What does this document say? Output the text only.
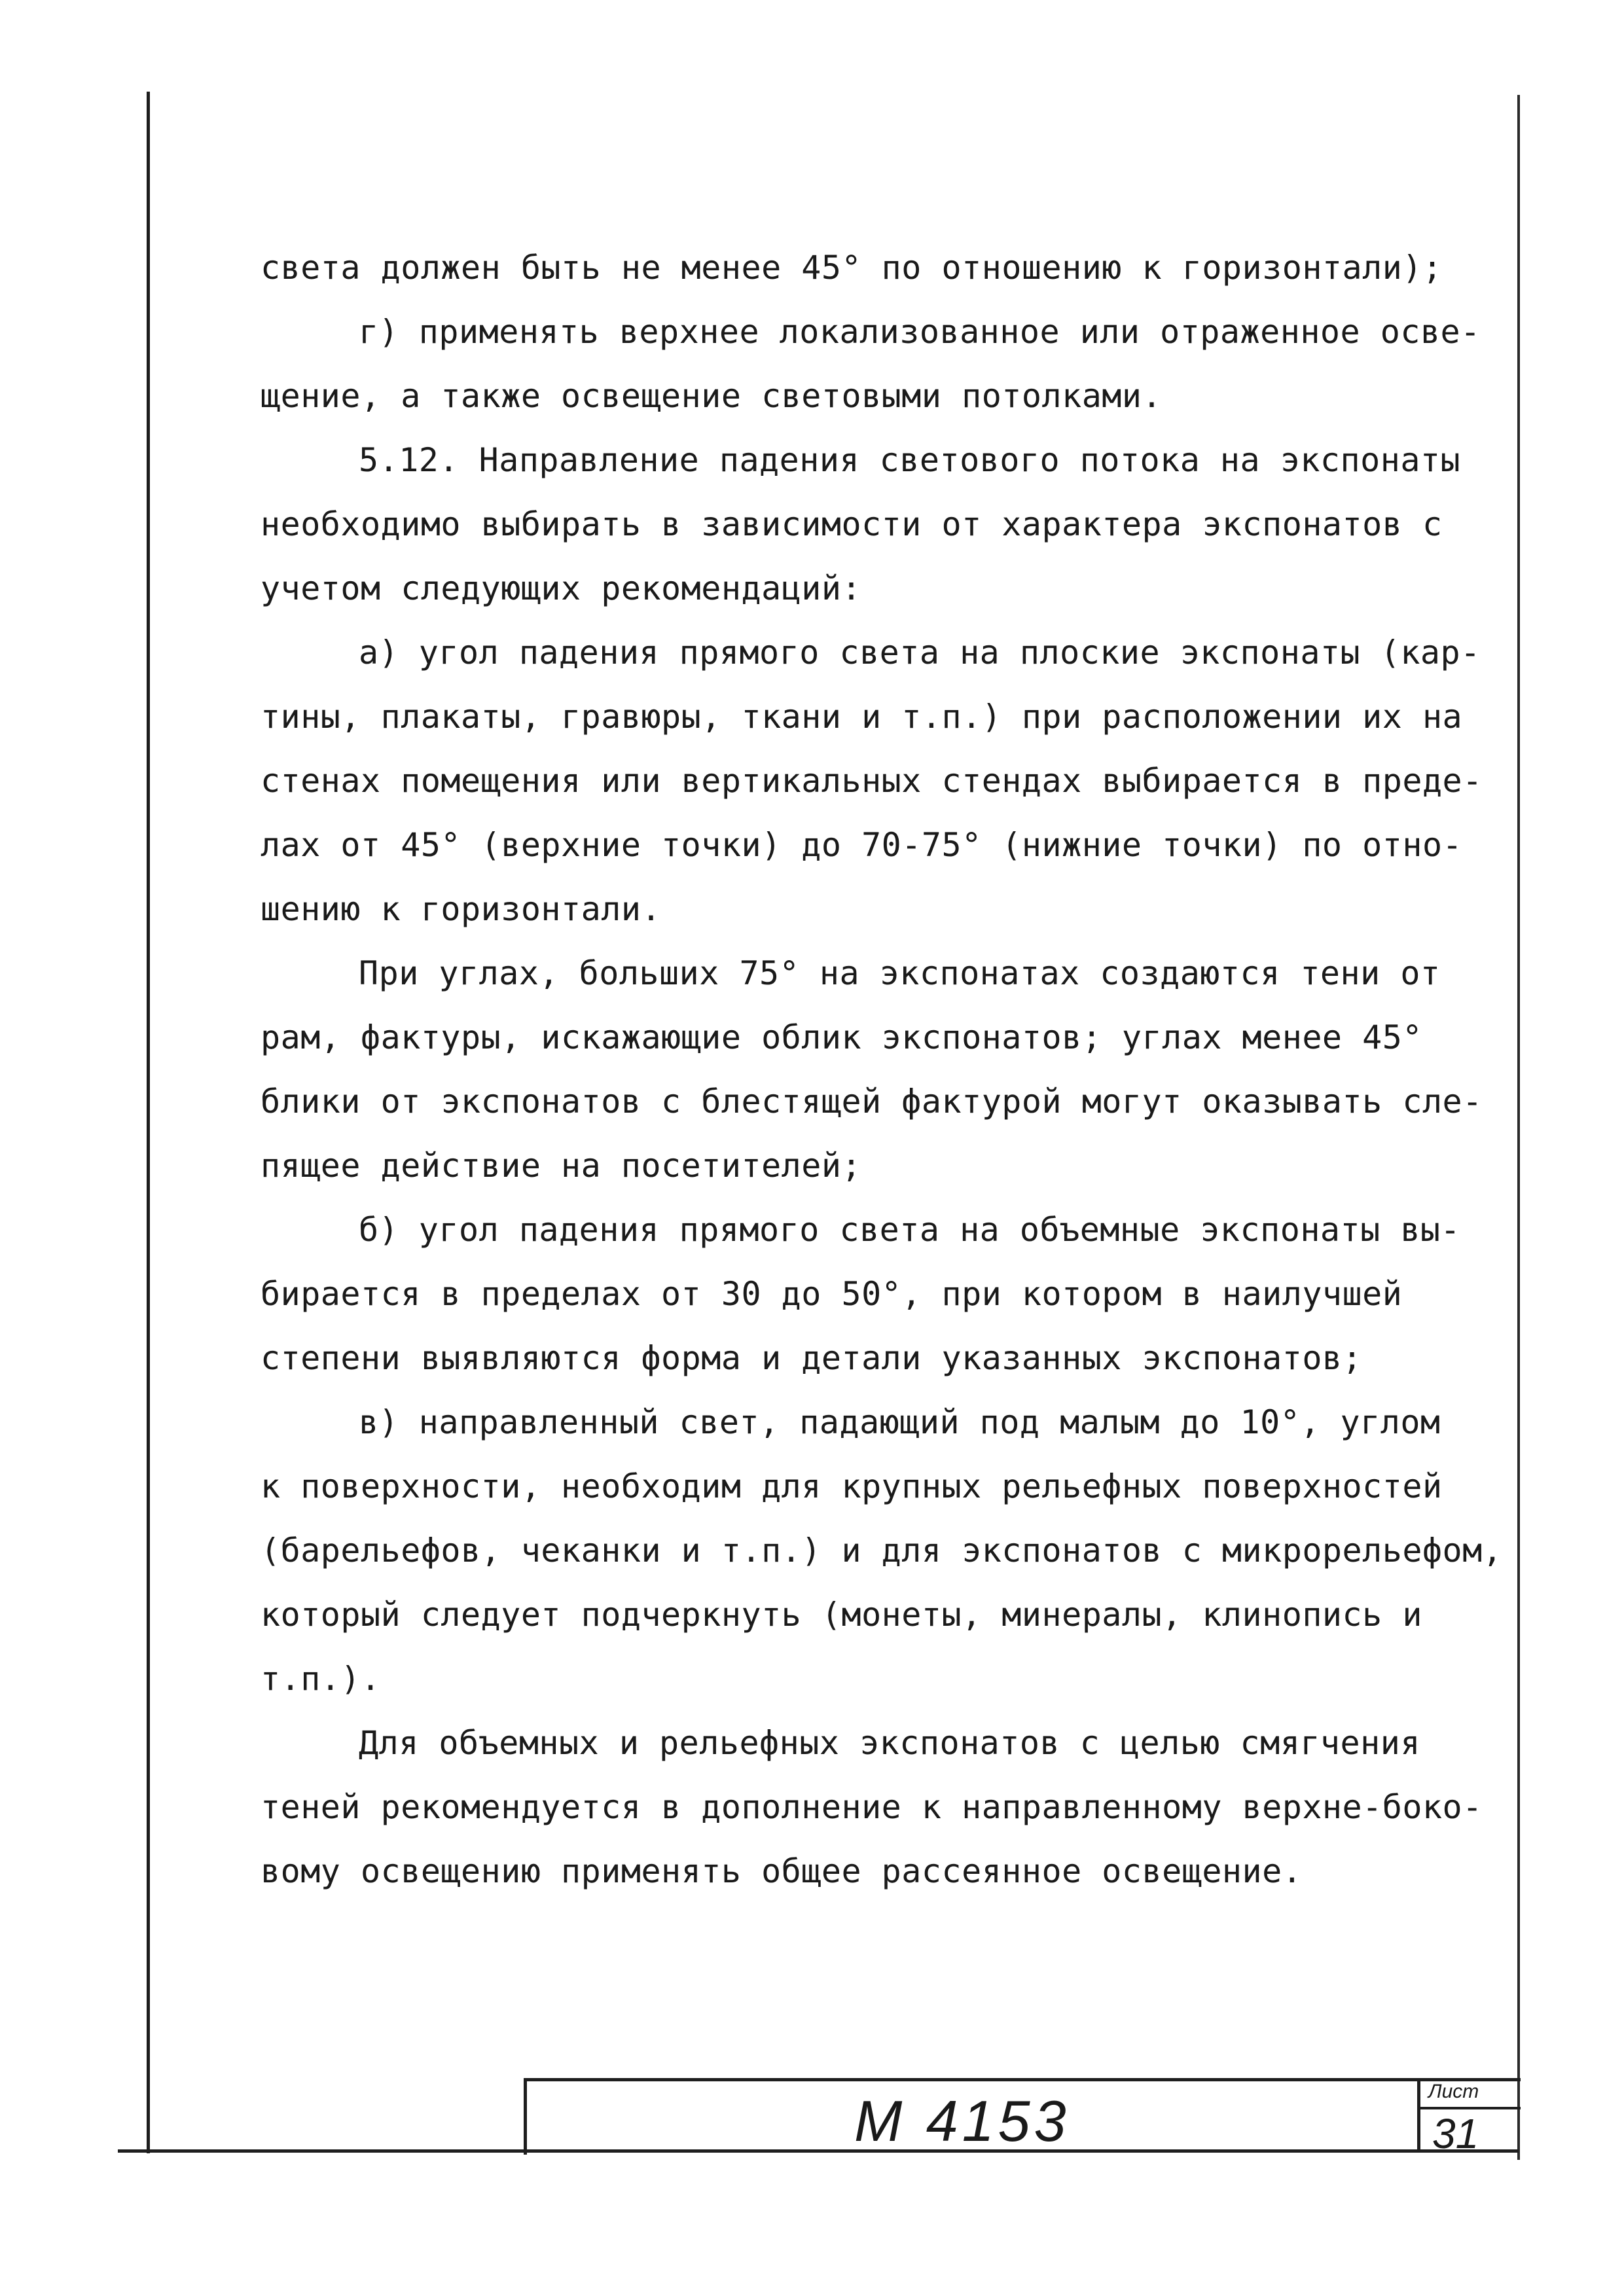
света должен быть не менее 45° по отношению к горизонтали);
г) применять верхнее локализованное или отраженное осве-
щение, а также освещение световыми потолками.
5.12. Направление падения светового потока на экспонаты
необходимо выбирать в зависимости от характера экспонатов с
учетом следующих рекомендаций:
а) угол падения прямого света на плоские экспонаты (кар-
тины, плакаты, гравюры, ткани и т.п.) при расположении их на
стенах помещения или вертикальных стендах выбирается в преде-
лах от 45° (верхние точки) до 70-75° (нижние точки) по отно-
шению к горизонтали.
При углах, больших 75° на экспонатах создаются тени от
рам, фактуры, искажающие облик экспонатов; углах менее 45°
блики от экспонатов с блестящей фактурой могут оказывать сле-
пящее действие на посетителей;
б) угол падения прямого света на объемные экспонаты вы-
бирается в пределах от 30 до 50°, при котором в наилучшей
степени выявляются форма и детали указанных экспонатов;
в) направленный свет, падающий под малым до 10°, углом
к поверхности, необходим для крупных рельефных поверхностей
(барельефов, чеканки и т.п.) и для экспонатов с микрорельефом,
который следует подчеркнуть (монеты, минералы, клинопись и
т.п.).
Для объемных и рельефных экспонатов с целью смягчения
теней рекомендуется в дополнение к направленному верхне-боко-
вому освещению применять общее рассеянное освещение.
М 4153	Лист
31
